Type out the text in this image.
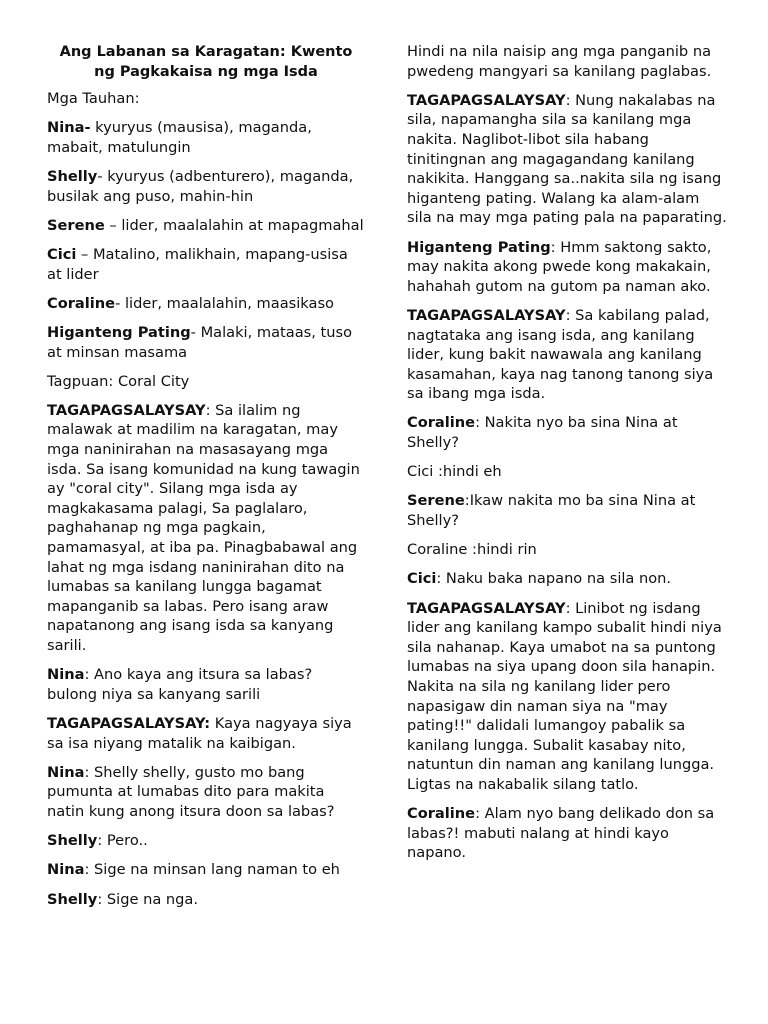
Ang Labanan sa Karagatan: Kwento ng Pagkakaisa ng mga Isda

Mga Tauhan:

Nina- kyuryus (mausisa), maganda, mabait, matulungin

Shelly- kyuryus (adbenturero), maganda, busilak ang puso, mahin-hin

Serene – lider, maalalahin at mapagmahal

Cici – Matalino, malikhain, mapang-usisa at lider

Coraline- lider, maalalahin, maasikaso

Higanteng Pating- Malaki, mataas, tuso at minsan masama

Tagpuan: Coral City

TAGAPAGSALAYSAY: Sa ilalim ng malawak at madilim na karagatan, may mga naninirahan na masasayang mga isda. Sa isang komunidad na kung tawagin ay "coral city". Silang mga isda ay magkakasama palagi, Sa paglalaro, paghahanap ng mga pagkain, pamamasyal, at iba pa. Pinagbabawal ang lahat ng mga isdang naninirahan dito na lumabas sa kanilang lungga bagamat mapanganib sa labas. Pero isang araw napatanong ang isang isda sa kanyang sarili.

Nina: Ano kaya ang itsura sa labas? bulong niya sa kanyang sarili

TAGAPAGSALAYSAY: Kaya nagyaya siya sa isa niyang matalik na kaibigan.

Nina: Shelly shelly, gusto mo bang pumunta at lumabas dito para makita natin kung anong itsura doon sa labas?

Shelly: Pero..

Nina: Sige na minsan lang naman to eh

Shelly: Sige na nga.

Hindi na nila naisip ang mga panganib na pwedeng mangyari sa kanilang paglabas.

TAGAPAGSALAYSAY: Nung nakalabas na sila, napamangha sila sa kanilang mga nakita. Naglibot-libot sila habang tinitingnan ang magagandang kanilang nakikita. Hanggang sa..nakita sila ng isang higanteng pating. Walang ka alam-alam sila na may mga pating pala na paparating.

Higanteng Pating: Hmm saktong sakto, may nakita akong pwede kong makakain, hahahah gutom na gutom pa naman ako.

TAGAPAGSALAYSAY: Sa kabilang palad, nagtataka ang isang isda, ang kanilang lider, kung bakit nawawala ang kanilang kasamahan, kaya nag tanong tanong siya sa ibang mga isda.

Coraline: Nakita nyo ba sina Nina at Shelly?

Cici :hindi eh

Serene:Ikaw nakita mo ba sina Nina at Shelly?

Coraline :hindi rin

Cici: Naku baka napano na sila non.

TAGAPAGSALAYSAY: Linibot ng isdang lider ang kanilang kampo subalit hindi niya sila nahanap. Kaya umabot na sa puntong lumabas na siya upang doon sila hanapin. Nakita na sila ng kanilang lider pero napasigaw din naman siya na "may pating!!" dalidali lumangoy pabalik sa kanilang lungga. Subalit kasabay nito, natuntun din naman ang kanilang lungga. Ligtas na nakabalik silang tatlo.

Coraline: Alam nyo bang delikado don sa labas?! mabuti nalang at hindi kayo napano.
